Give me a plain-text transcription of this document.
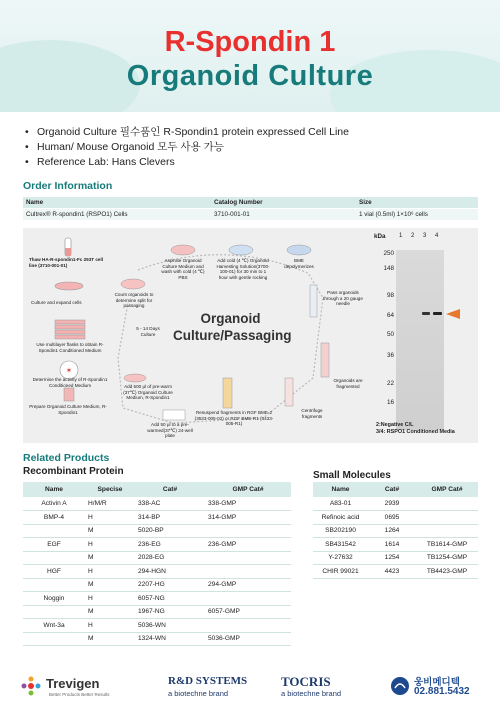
R-Spondin 1
Organoid Culture
• Organoid Culture 필수품인 R-Spondin1 protein expressed Cell Line
• Human/ Mouse Organoid 모두 사용 가능
• Reference Lab: Hans Clevers
Order Information
Name	Catalog Number	Size
Cultrex® R-spondin1 (RSPO1) Cells	3710-001-01	1 vial (0.5ml) 1×10⁶ cells
✶
Thaw HA-R-spondin1-Fc 293T cell line (3710-001-01)
Culture and expand cells
Use multilayer flasks to obtain R-Spondin1 Conditioned Medium
Determine the activity of R-Spondin1 Conditioned Medium
Prepare Organoid Culture Medium, R-Spondin1
Count organoids to determine split for passaging
5 - 14 Days Culture
Aspirate Organoid Culture Medium and wash with cold (4 ℃) PBS
Add cold (4 ℃) Organoid Harvesting Solution(3700-100-01) for 30 min to 1 hour with gentle rocking
BME depolymerizes
Pass organoids through a 20 gauge needle
Organoids are fragmented
Centrifuge fragments
Resuspend fragments in RGF BME-2 (3533-005-02) or RGF BME-R1 (3433-005-R1)
Add 50 μl to a pre-warmed(37℃) 24-well plate
Add 500 μl of pre-warm (37℃) Organoid Culture Medium, R-Spondin1
Organoid Culture/Passaging
kDa 1 2 3 4
250
148
98
64
50
36
22
16
2:Negative C/L
3/4: RSPO1 Conditioned Media
Related Products
Recombinant Protein	Small Molecules
Name	Specise	Cat#	GMP Cat#
Activin A	H/M/R	338-AC	338-GMP
BMP-4	H	314-BP	314-GMP
	M	5020-BP	
EGF	H	236-EG	236-GMP
	M	2028-EG	
HGF	H	294-HGN	
	M	2207-HG	294-GMP
Noggin	H	6057-NG	
	M	1967-NG	6057-GMP
Wnt-3a	H	5036-WN	
	M	1324-WN	5036-GMP
Name	Cat#	GMP Cat#
A83-01	2939	
Refinoic acid	0695	
SB202190	1264	
SB431542	1614	TB1614-GMP
Y-27632	1254	TB1254-GMP
CHIR 99021	4423	TB4423-GMP
Trevigen
Better Products Better Results
R&D SYSTEMS
a biotechne brand
TOCRIS
a biotechne brand
웅비메디텍
02.881.5432
